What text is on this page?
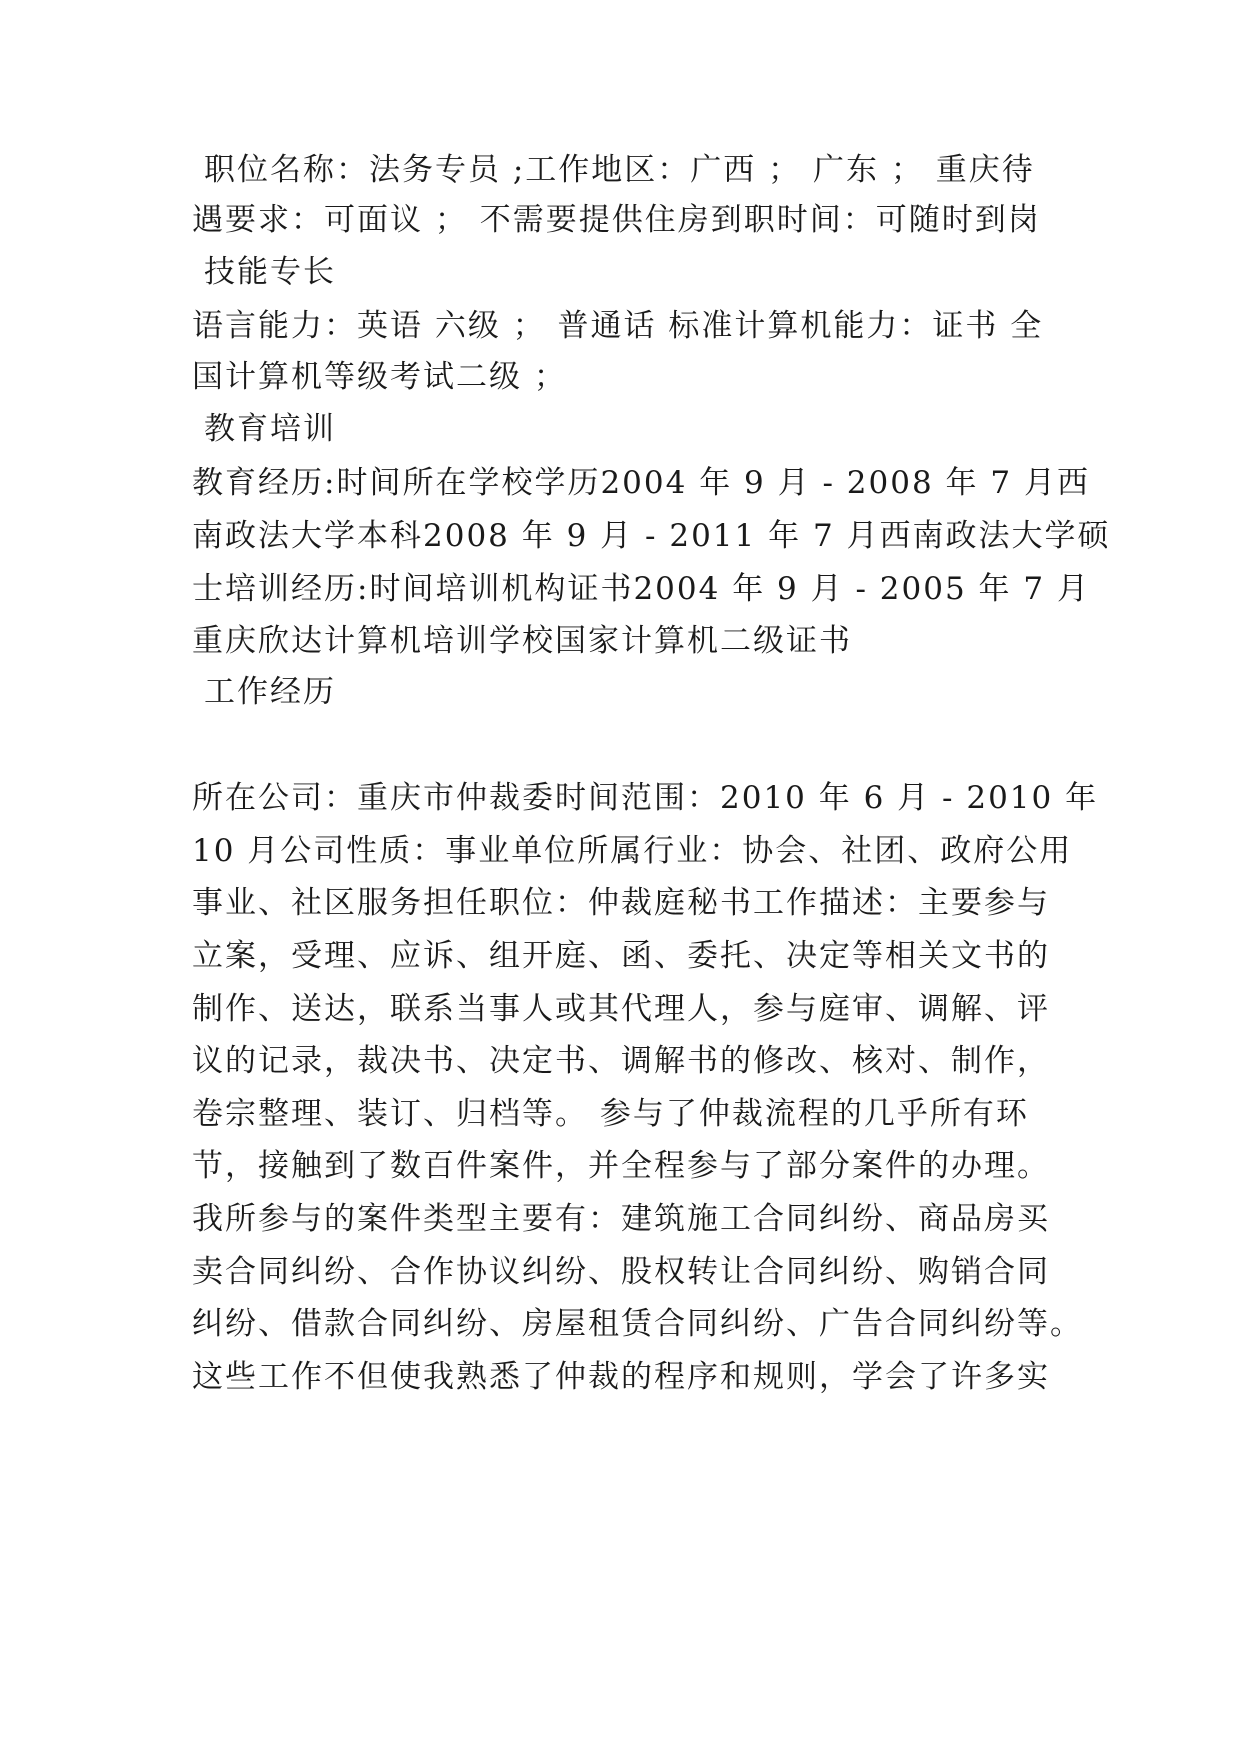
职位名称：法务专员 ;工作地区：广西 ； 广东 ； 重庆待
遇要求：可面议 ； 不需要提供住房到职时间：可随时到岗
技能专长
语言能力：英语 六级 ； 普通话 标准计算机能力：证书 全
国计算机等级考试二级 ；
教育培训
教育经历:时间所在学校学历2004 年 9 月 - 2008 年 7 月西
南政法大学本科2008 年 9 月 - 2011 年 7 月西南政法大学硕
士培训经历:时间培训机构证书2004 年 9 月 - 2005 年 7 月
重庆欣达计算机培训学校国家计算机二级证书
工作经历
所在公司：重庆市仲裁委时间范围：2010 年 6 月 - 2010 年
10 月公司性质：事业单位所属行业：协会、社团、政府公用
事业、社区服务担任职位：仲裁庭秘书工作描述：主要参与
立案，受理、应诉、组开庭、函、委托、决定等相关文书的
制作、送达，联系当事人或其代理人，参与庭审、调解、评
议的记录，裁决书、决定书、调解书的修改、核对、制作，
卷宗整理、装订、归档等。 参与了仲裁流程的几乎所有环
节，接触到了数百件案件，并全程参与了部分案件的办理。
我所参与的案件类型主要有：建筑施工合同纠纷、商品房买
卖合同纠纷、合作协议纠纷、股权转让合同纠纷、购销合同
纠纷、借款合同纠纷、房屋租赁合同纠纷、广告合同纠纷等。
这些工作不但使我熟悉了仲裁的程序和规则，学会了许多实
